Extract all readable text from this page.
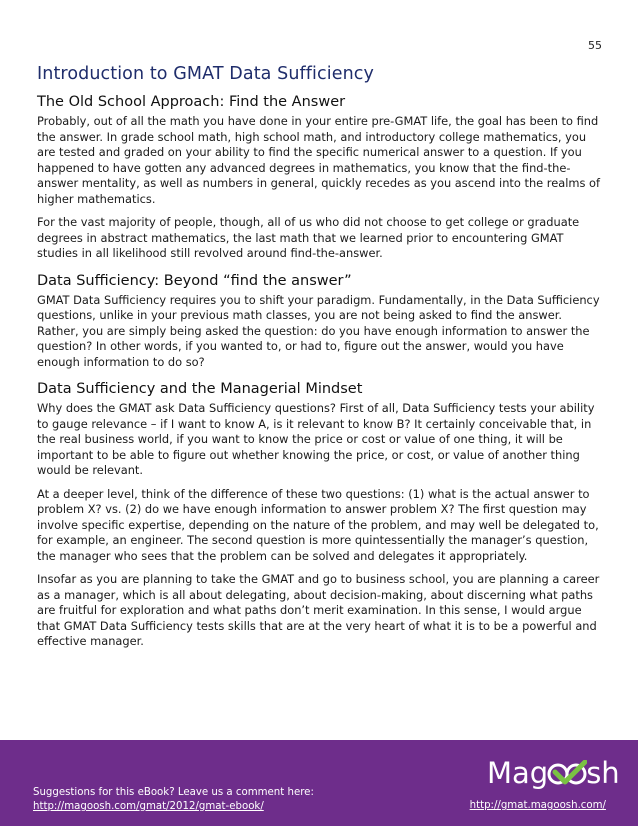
55
Introduction to GMAT Data Sufficiency
The Old School Approach: Find the Answer

Probably, out of all the math you have done in your entire pre-GMAT life, the goal has been to find the answer. In grade school math, high school math, and introductory college mathematics, you are tested and graded on your ability to find the specific numerical answer to a question. If you happened to have gotten any advanced degrees in mathematics, you know that the find-the-answer mentality, as well as numbers in general, quickly recedes as you ascend into the realms of higher mathematics.

For the vast majority of people, though, all of us who did not choose to get college or graduate degrees in abstract mathematics, the last math that we learned prior to encountering GMAT studies in all likelihood still revolved around find-the-answer.

Data Sufficiency: Beyond “find the answer”

GMAT Data Sufficiency requires you to shift your paradigm. Fundamentally, in the Data Sufficiency questions, unlike in your previous math classes, you are not being asked to find the answer. Rather, you are simply being asked the question: do you have enough information to answer the question? In other words, if you wanted to, or had to, figure out the answer, would you have enough information to do so?

Data Sufficiency and the Managerial Mindset

Why does the GMAT ask Data Sufficiency questions? First of all, Data Sufficiency tests your ability to gauge relevance – if I want to know A, is it relevant to know B? It certainly conceivable that, in the real business world, if you want to know the price or cost or value of one thing, it will be important to be able to figure out whether knowing the price, or cost, or value of another thing would be relevant.

At a deeper level, think of the difference of these two questions: (1) what is the actual answer to problem X? vs. (2) do we have enough information to answer problem X? The first question may involve specific expertise, depending on the nature of the problem, and may well be delegated to, for example, an engineer. The second question is more quintessentially the manager’s question, the manager who sees that the problem can be solved and delegates it appropriately.

Insofar as you are planning to take the GMAT and go to business school, you are planning a career as a manager, which is all about delegating, about decision-making, about discerning what paths are fruitful for exploration and what paths don’t merit examination. In this sense, I would argue that GMAT Data Sufficiency tests skills that are at the very heart of what it is to be a powerful and effective manager.

Mag sh
Suggestions for this eBook? Leave us a comment here:
http://magoosh.com/gmat/2012/gmat-ebook/	http://gmat.magoosh.com/
